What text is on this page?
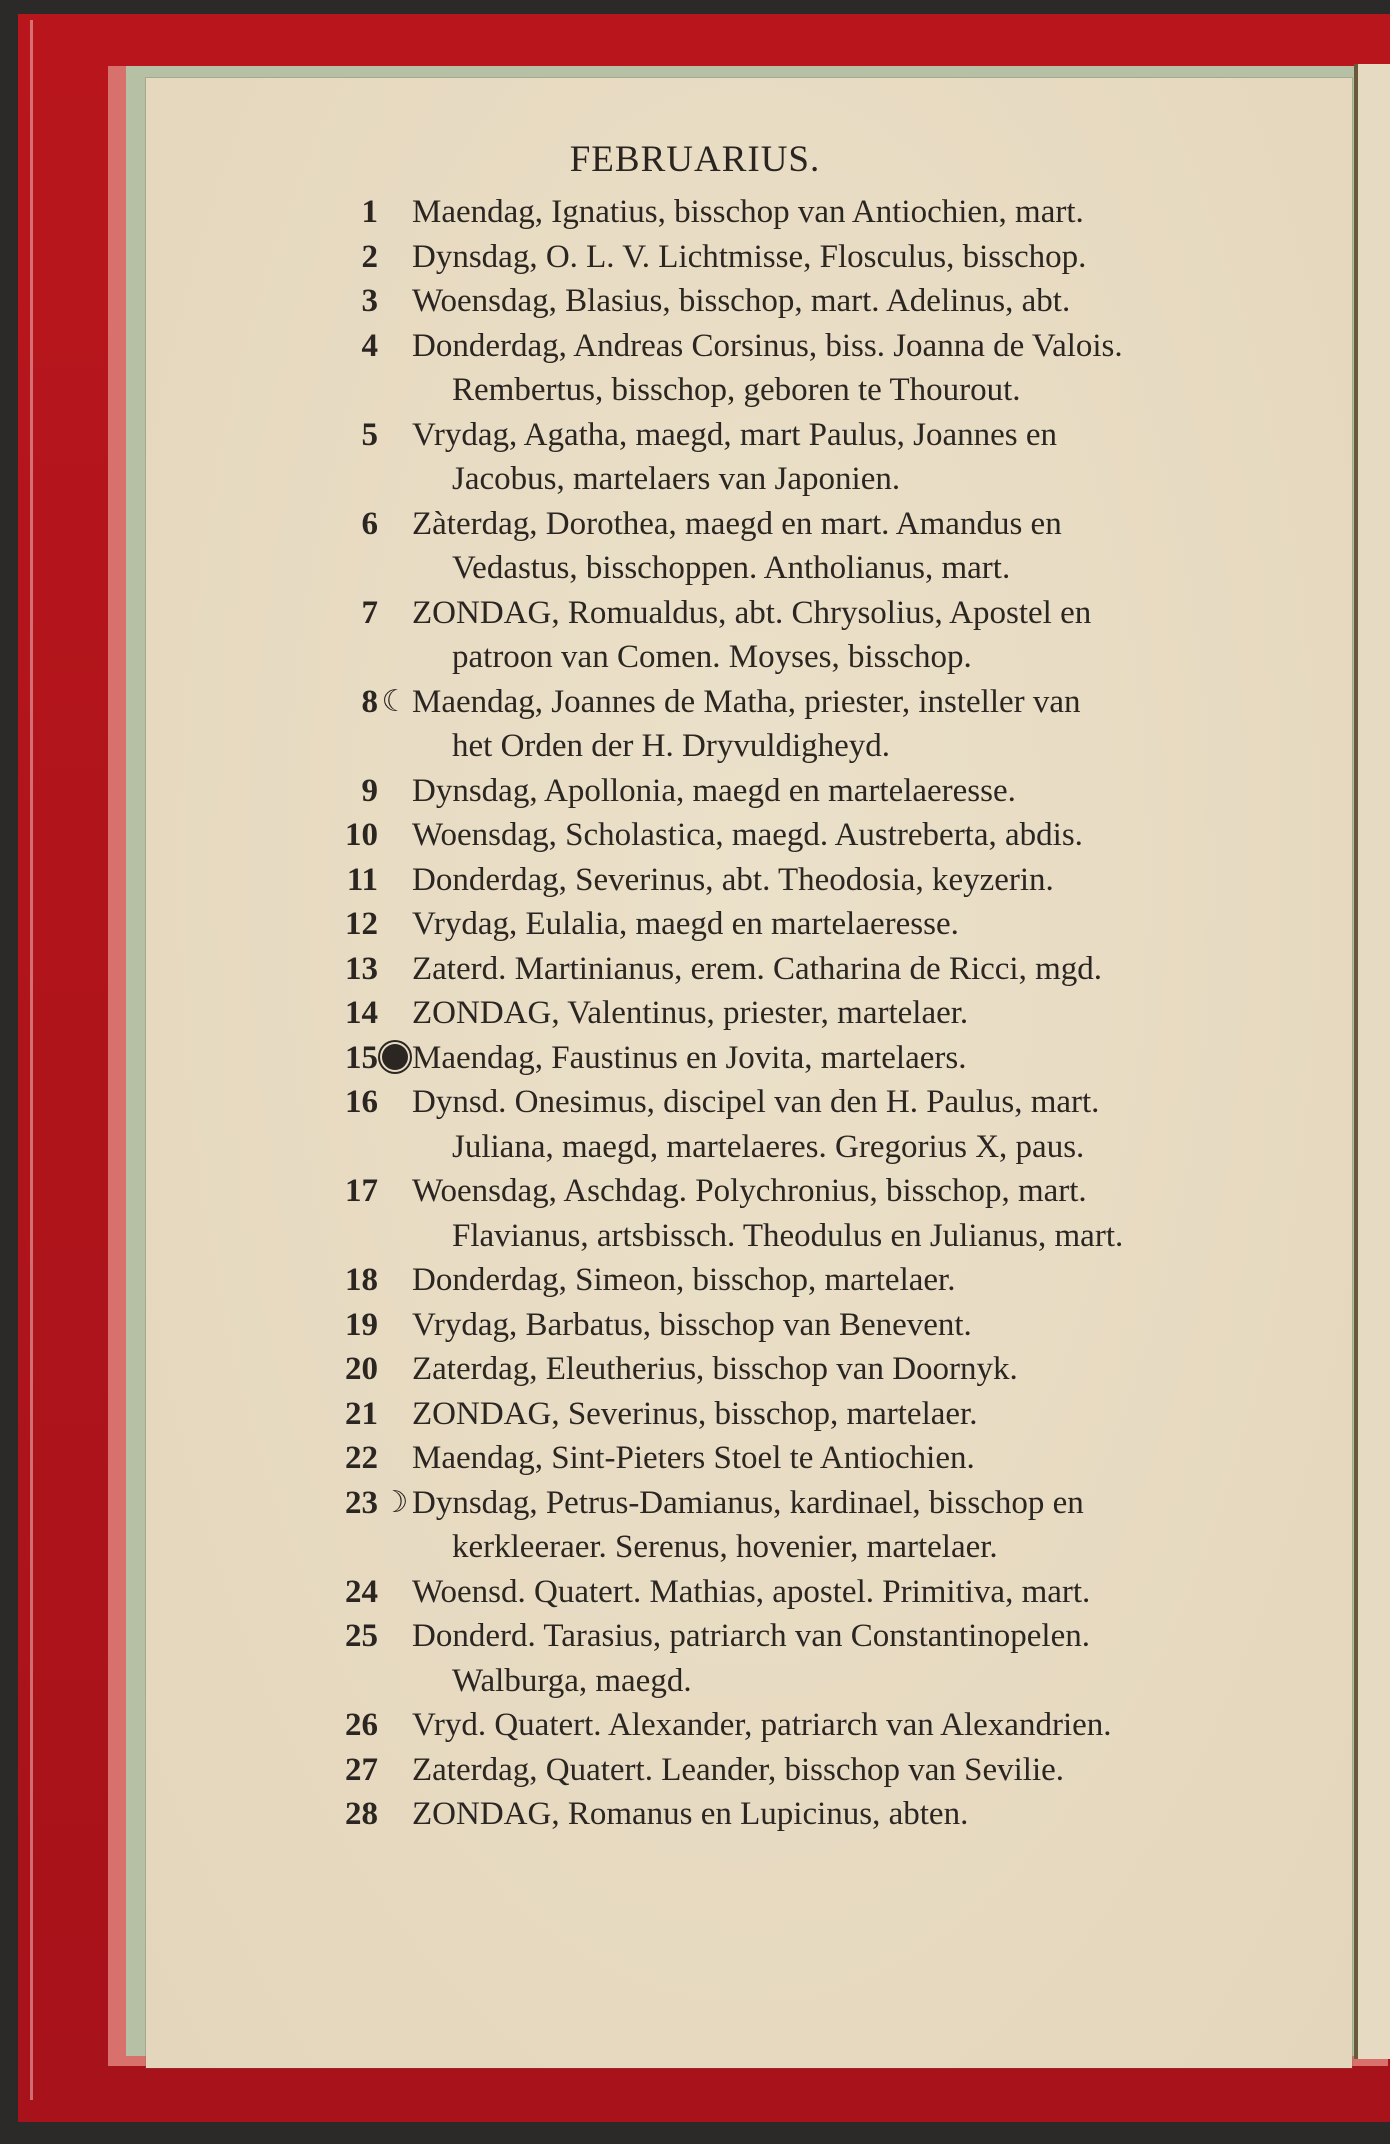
FEBRUARIUS.
1 Maendag, Ignatius, bisschop van Antiochien, mart.
2 Dynsdag, O. L. V. Lichtmisse, Flosculus, bisschop.
3 Woensdag, Blasius, bisschop, mart. Adelinus, abt.
4 Donderdag, Andreas Corsinus, biss. Joanna de Valois.
Rembertus, bisschop, geboren te Thourout.
5 Vrydag, Agatha, maegd, mart Paulus, Joannes en
Jacobus, martelaers van Japonien.
6 Zàterdag, Dorothea, maegd en mart. Amandus en
Vedastus, bisschoppen. Antholianus, mart.
7 ZONDAG, Romualdus, abt. Chrysolius, Apostel en
patroon van Comen. Moyses, bisschop.
8 ☾ Maendag, Joannes de Matha, priester, insteller van
het Orden der H. Dryvuldigheyd.
9 Dynsdag, Apollonia, maegd en martelaeresse.
10 Woensdag, Scholastica, maegd. Austreberta, abdis.
11 Donderdag, Severinus, abt. Theodosia, keyzerin.
12 Vrydag, Eulalia, maegd en martelaeresse.
13 Zaterd. Martinianus, erem. Catharina de Ricci, mgd.
14 ZONDAG, Valentinus, priester, martelaer.
15 Maendag, Faustinus en Jovita, martelaers.
16 Dynsd. Onesimus, discipel van den H. Paulus, mart.
Juliana, maegd, martelaeres. Gregorius X, paus.
17 Woensdag, Aschdag. Polychronius, bisschop, mart.
Flavianus, artsbissch. Theodulus en Julianus, mart.
18 Donderdag, Simeon, bisschop, martelaer.
19 Vrydag, Barbatus, bisschop van Benevent.
20 Zaterdag, Eleutherius, bisschop van Doornyk.
21 ZONDAG, Severinus, bisschop, martelaer.
22 Maendag, Sint-Pieters Stoel te Antiochien.
23 ☽ Dynsdag, Petrus-Damianus, kardinael, bisschop en
kerkleeraer. Serenus, hovenier, martelaer.
24 Woensd. Quatert. Mathias, apostel. Primitiva, mart.
25 Donderd. Tarasius, patriarch van Constantinopelen.
Walburga, maegd.
26 Vryd. Quatert. Alexander, patriarch van Alexandrien.
27 Zaterdag, Quatert. Leander, bisschop van Sevilie.
28 ZONDAG, Romanus en Lupicinus, abten.
